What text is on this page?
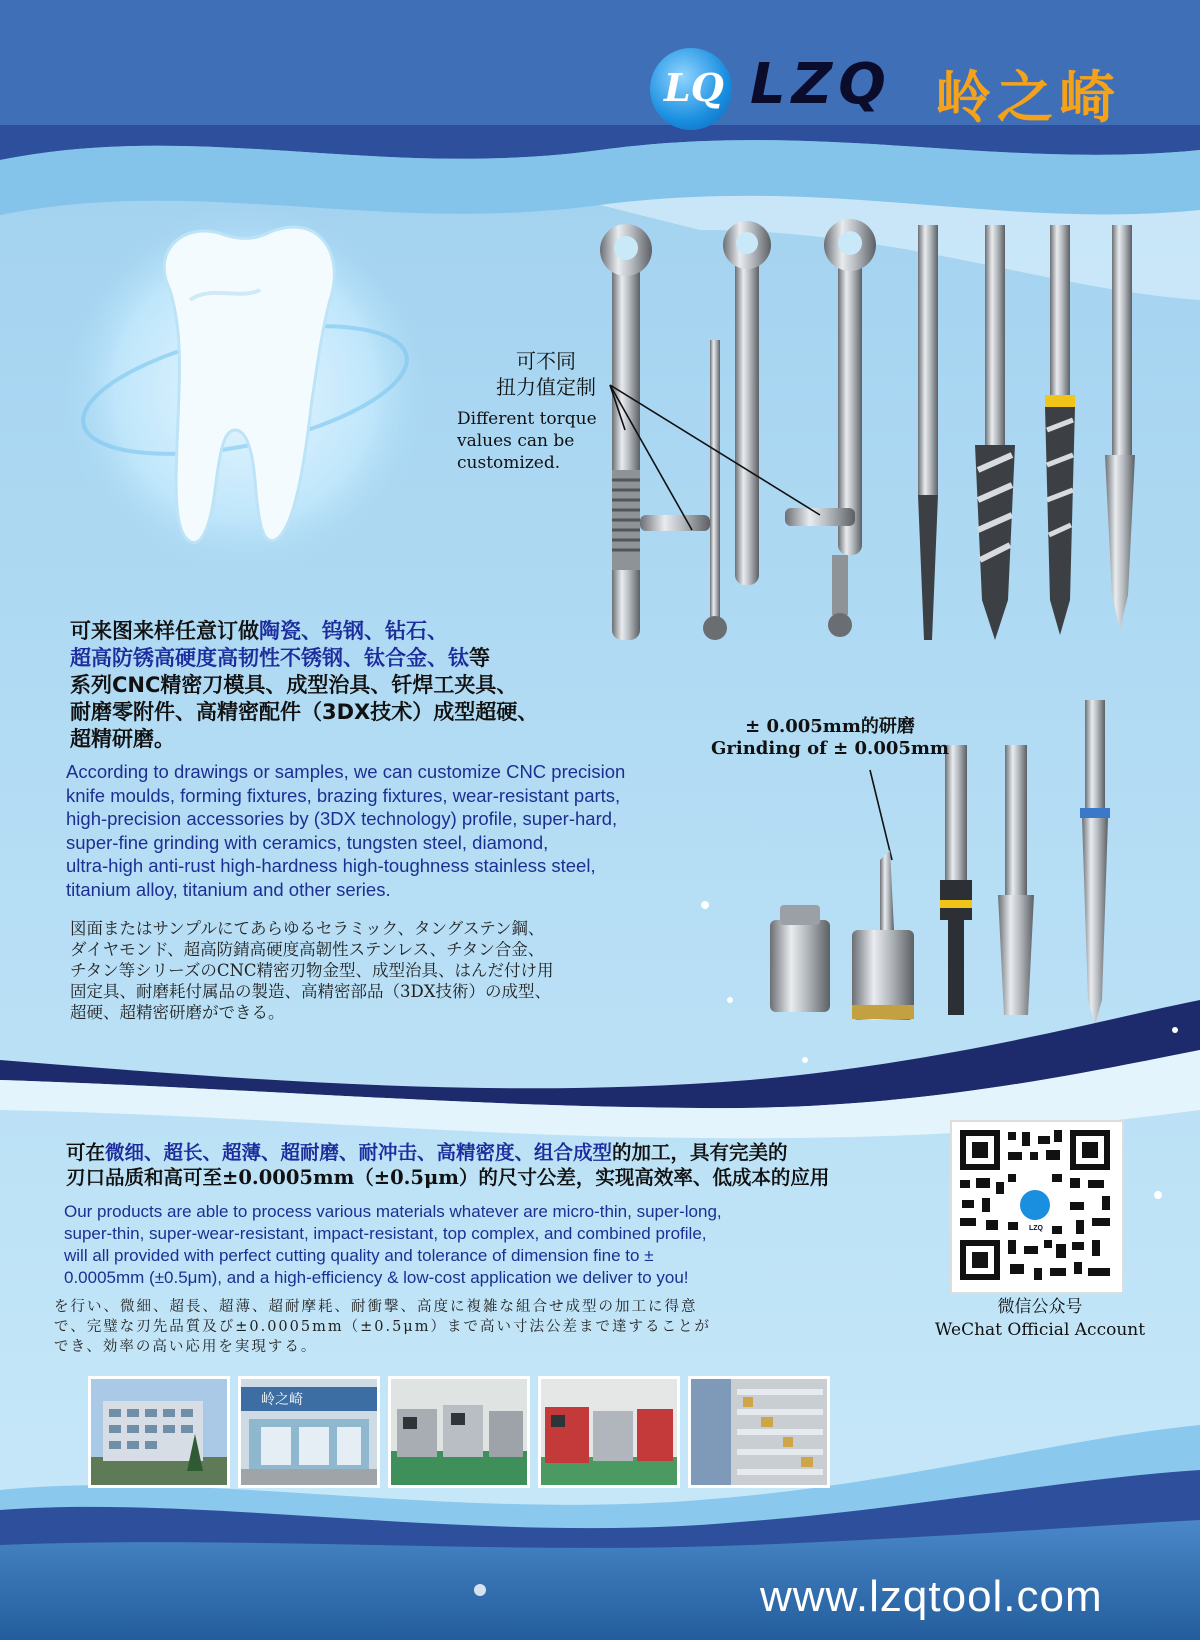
LQ LZQ 岭之崎
可不同
扭力值定制
Different torque
values can be
customized.
可来图来样任意订做陶瓷、钨钢、钻石、
超高防锈高硬度高韧性不锈钢、钛合金、钛等
系列CNC精密刀模具、成型治具、钎焊工夹具、
耐磨零附件、高精密配件（3DX技术）成型超硬、
超精研磨。
According to drawings or samples, we can customize CNC precision
knife moulds, forming fixtures, brazing fixtures, wear-resistant parts,
high-precision accessories by (3DX technology) profile, super-hard,
super-fine grinding with ceramics, tungsten steel, diamond,
ultra-high anti-rust high-hardness high-toughness stainless steel,
titanium alloy, titanium and other series.
図面またはサンプルにてあらゆるセラミック、タングステン鋼、
ダイヤモンド、超高防錆高硬度高韌性ステンレス、チタン合金、
チタン等シリーズのCNC精密刃物金型、成型治具、はんだ付け用
固定具、耐磨耗付属品の製造、高精密部品（3DX技術）の成型、
超硬、超精密研磨ができる。
± 0.005mm的研磨
Grinding of ± 0.005mm
可在微细、超长、超薄、超耐磨、耐冲击、高精密度、组合成型的加工，具有完美的
刃口品质和高可至±0.0005mm（±0.5μm）的尺寸公差，实现高效率、低成本的应用
Our products are able to process various materials whatever are micro-thin, super-long,
super-thin, super-wear-resistant, impact-resistant, top complex, and combined profile,
will all provided with perfect cutting quality and tolerance of dimension fine to ±
0.0005mm (±0.5μm), and a high-efficiency & low-cost application we deliver to you!
を行い、微細、超長、超薄、超耐摩耗、耐衝撃、高度に複雑な組合せ成型の加工に得意
で、完璧な刃先品質及び±0.0005mm（±0.5μm）まで高い寸法公差まで達することが
でき、効率の高い応用を実現する。
LZQ
微信公众号
WeChat Official Account
岭之崎
www.lzqtool.com
